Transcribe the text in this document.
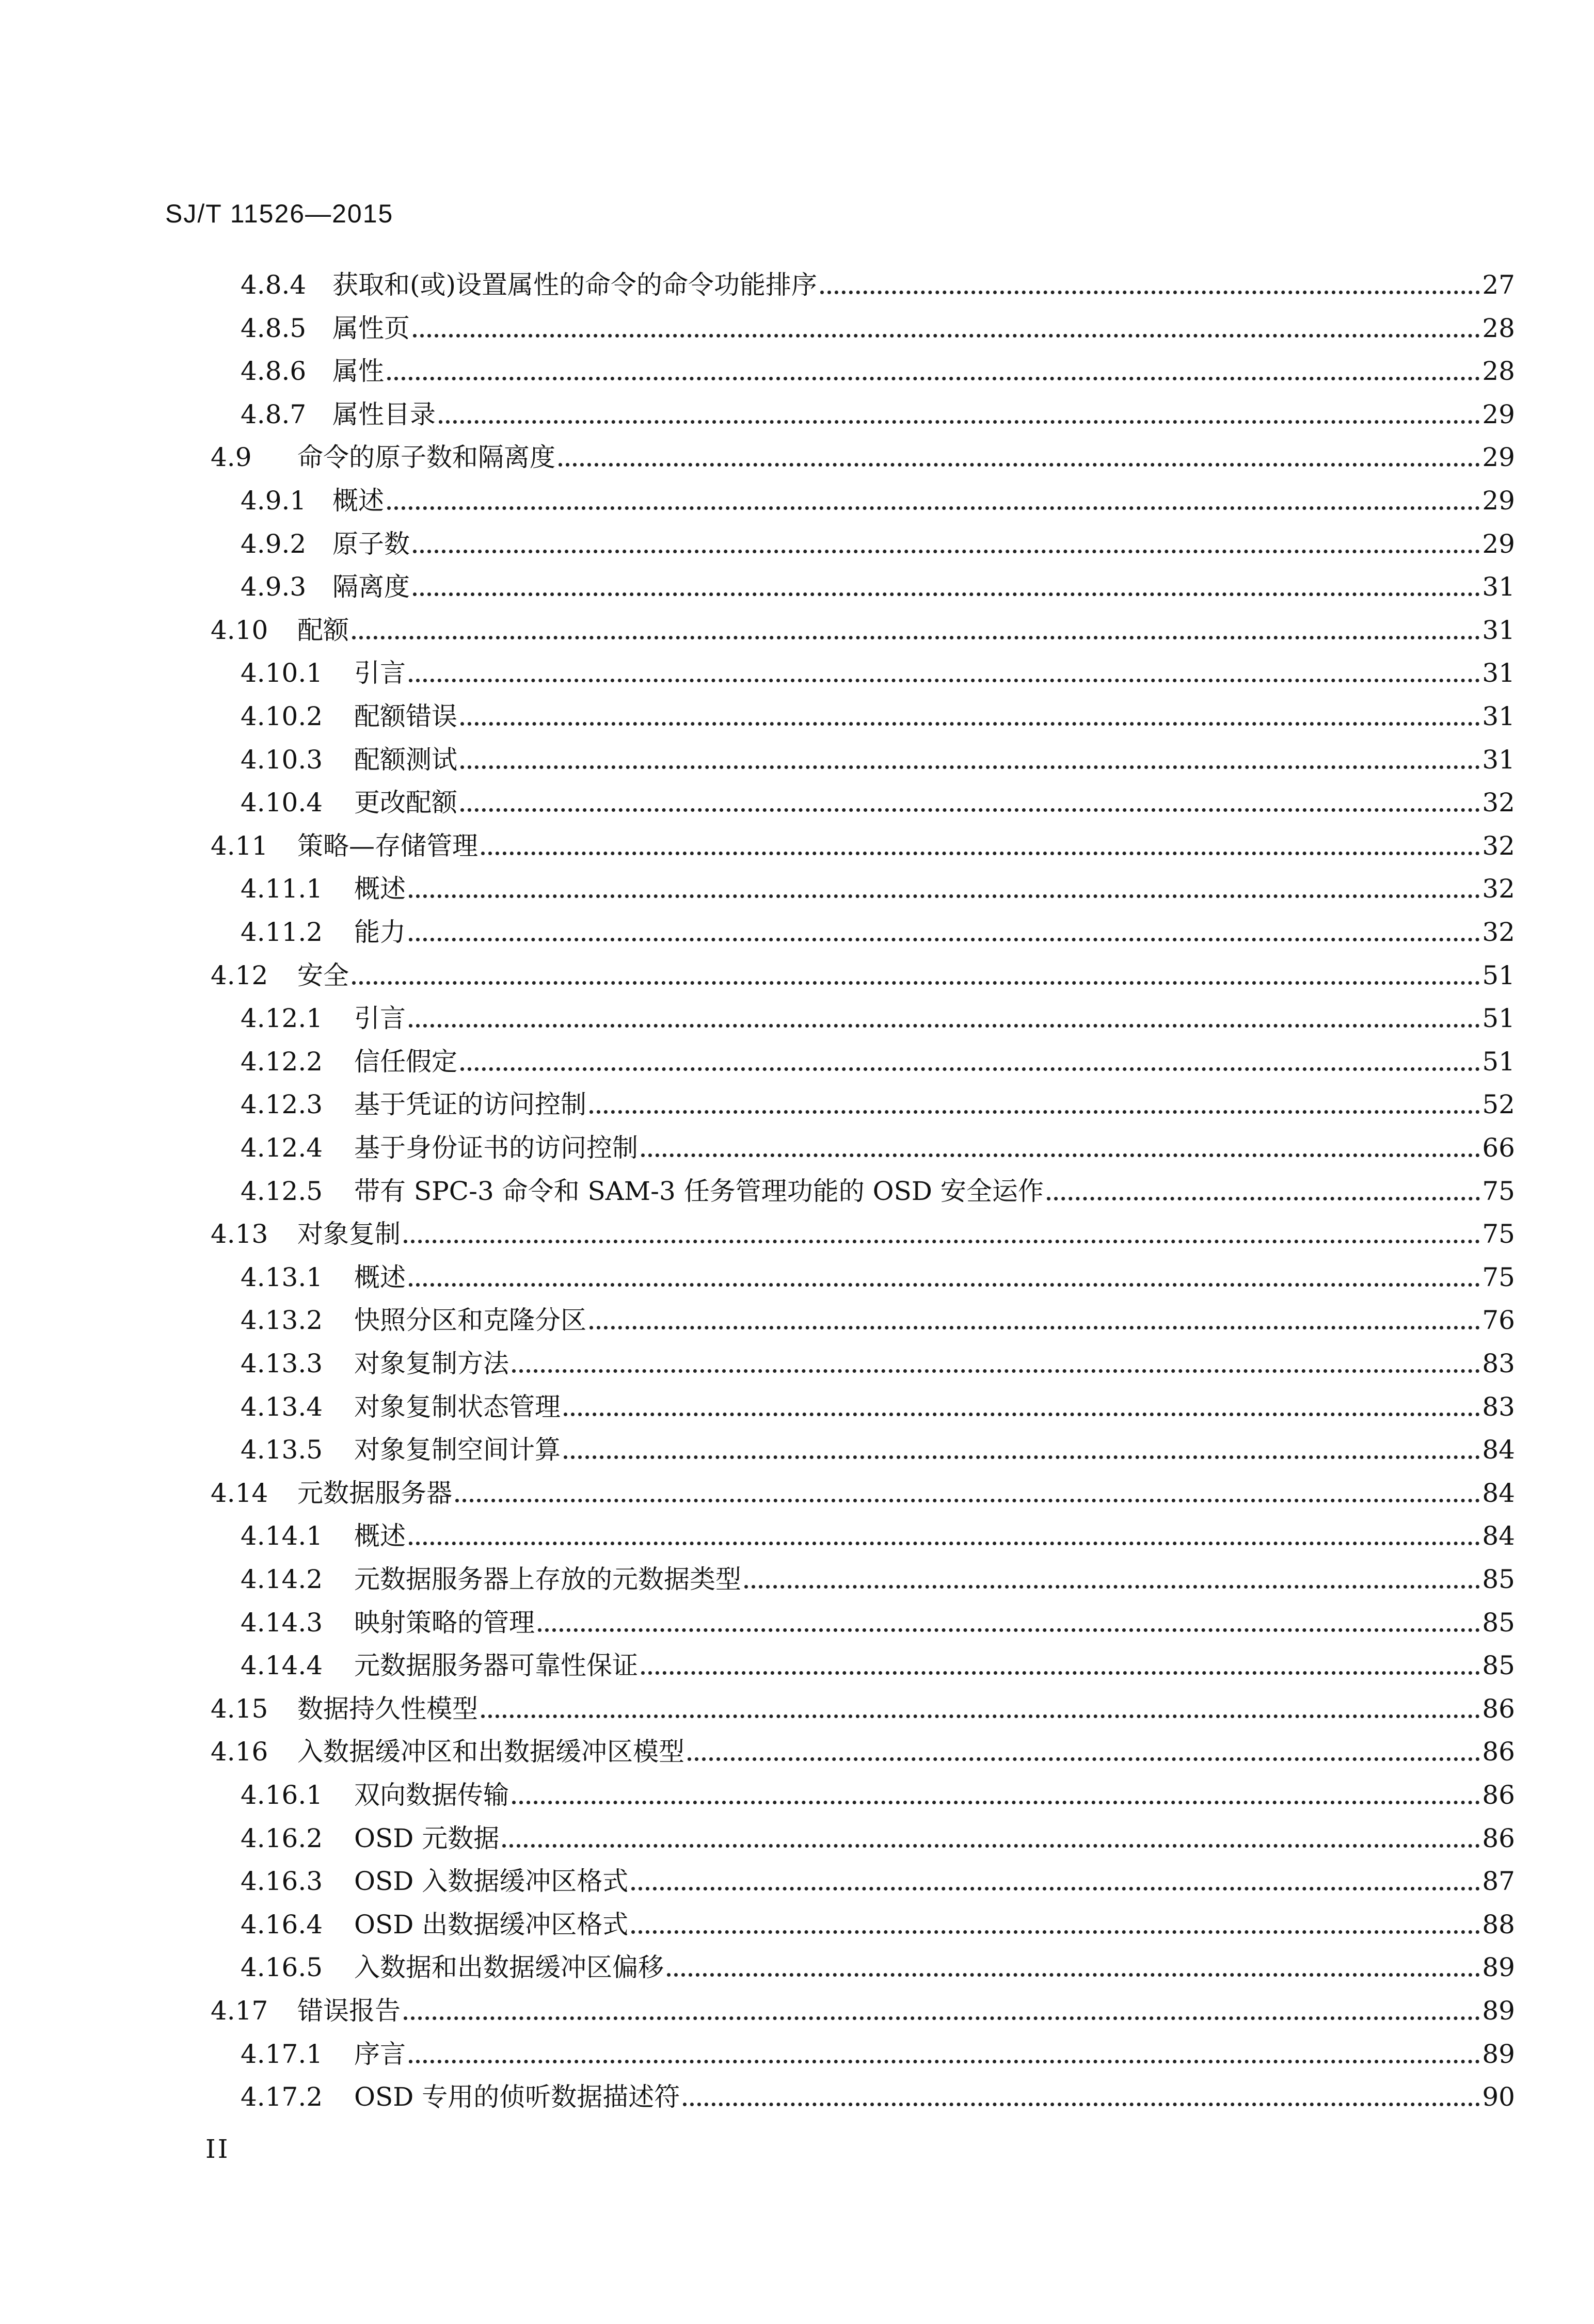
SJ/T 11526—2015
4.8.4	获取和(或)设置属性的命令的命令功能排序	27
4.8.5	属性页	28
4.8.6	属性	28
4.8.7	属性目录	29
4.9	命令的原子数和隔离度	29
4.9.1	概述	29
4.9.2	原子数	29
4.9.3	隔离度	31
4.10	配额	31
4.10.1	引言	31
4.10.2	配额错误	31
4.10.3	配额测试	31
4.10.4	更改配额	32
4.11	策略—存储管理	32
4.11.1	概述	32
4.11.2	能力	32
4.12	安全	51
4.12.1	引言	51
4.12.2	信任假定	51
4.12.3	基于凭证的访问控制	52
4.12.4	基于身份证书的访问控制	66
4.12.5	带有 SPC-3 命令和 SAM-3 任务管理功能的 OSD 安全运作	75
4.13	对象复制	75
4.13.1	概述	75
4.13.2	快照分区和克隆分区	76
4.13.3	对象复制方法	83
4.13.4	对象复制状态管理	83
4.13.5	对象复制空间计算	84
4.14	元数据服务器	84
4.14.1	概述	84
4.14.2	元数据服务器上存放的元数据类型	85
4.14.3	映射策略的管理	85
4.14.4	元数据服务器可靠性保证	85
4.15	数据持久性模型	86
4.16	入数据缓冲区和出数据缓冲区模型	86
4.16.1	双向数据传输	86
4.16.2	OSD 元数据	86
4.16.3	OSD 入数据缓冲区格式	87
4.16.4	OSD 出数据缓冲区格式	88
4.16.5	入数据和出数据缓冲区偏移	89
4.17	错误报告	89
4.17.1	序言	89
4.17.2	OSD 专用的侦听数据描述符	90
II
